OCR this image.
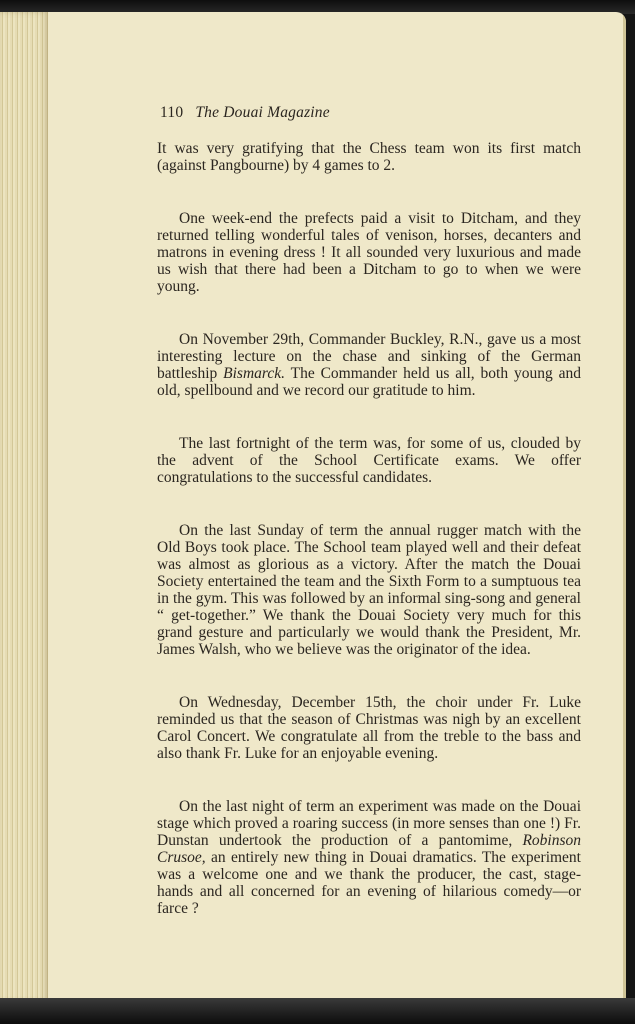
110 The Douai Magazine

It was very gratifying that the Chess team won its first match (against Pangbourne) by 4 games to 2.

One week-end the prefects paid a visit to Ditcham, and they returned telling wonderful tales of venison, horses, decanters and matrons in evening dress ! It all sounded very luxurious and made us wish that there had been a Ditcham to go to when we were young.

On November 29th, Commander Buckley, R.N., gave us a most interesting lecture on the chase and sinking of the German battleship Bismarck. The Commander held us all, both young and old, spellbound and we record our gratitude to him.

The last fortnight of the term was, for some of us, clouded by the advent of the School Certificate exams. We offer congratulations to the successful candidates.

On the last Sunday of term the annual rugger match with the Old Boys took place. The School team played well and their defeat was almost as glorious as a victory. After the match the Douai Society entertained the team and the Sixth Form to a sumptuous tea in the gym. This was followed by an informal sing-song and general “ get-together.” We thank the Douai Society very much for this grand gesture and particularly we would thank the President, Mr. James Walsh, who we believe was the originator of the idea.

On Wednesday, December 15th, the choir under Fr. Luke reminded us that the season of Christmas was nigh by an excellent Carol Concert. We congratulate all from the treble to the bass and also thank Fr. Luke for an enjoyable evening.

On the last night of term an experiment was made on the Douai stage which proved a roaring success (in more senses than one !) Fr. Dunstan undertook the production of a pantomime, Robinson Crusoe, an entirely new thing in Douai dramatics. The experiment was a welcome one and we thank the producer, the cast, stage-hands and all concerned for an evening of hilarious comedy—or farce ?
